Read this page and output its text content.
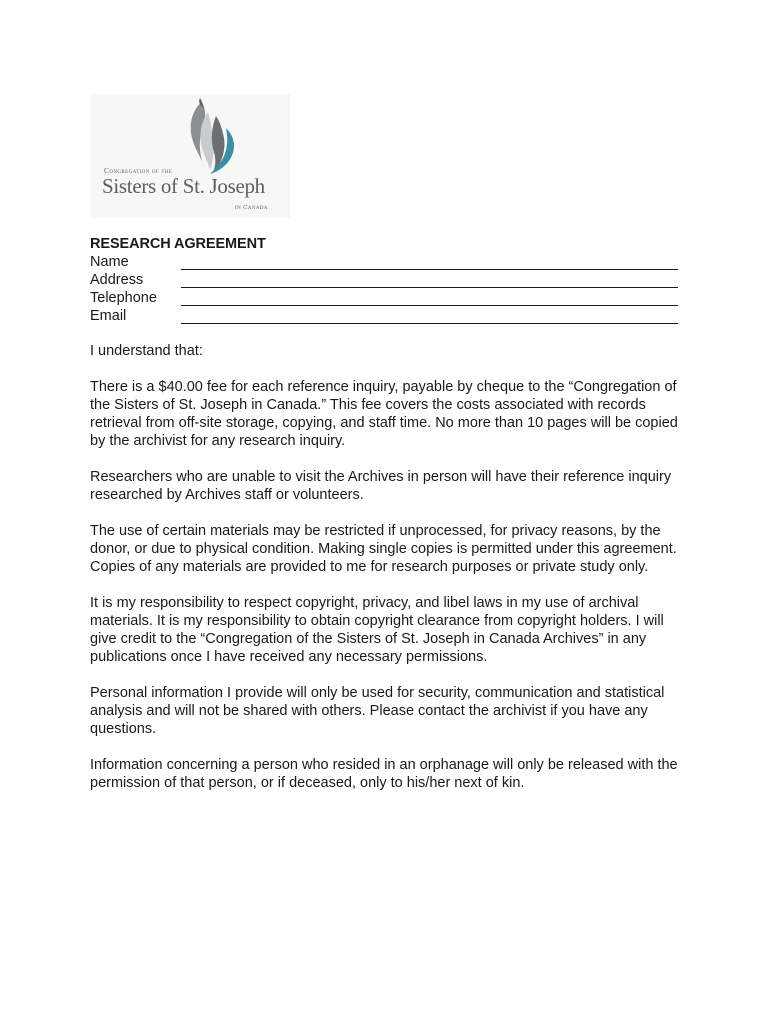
Congregation of the
Sisters of St. Joseph
in Canada
RESEARCH AGREEMENT
Name
Address
Telephone
Email

I understand that:

There is a $40.00 fee for each reference inquiry, payable by cheque to the “Congregation of the Sisters of St. Joseph in Canada.” This fee covers the costs associated with records retrieval from off-site storage, copying, and staff time. No more than 10 pages will be copied by the archivist for any research inquiry.

Researchers who are unable to visit the Archives in person will have their reference inquiry researched by Archives staff or volunteers.

The use of certain materials may be restricted if unprocessed, for privacy reasons, by the donor, or due to physical condition. Making single copies is permitted under this agreement. Copies of any materials are provided to me for research purposes or private study only.

It is my responsibility to respect copyright, privacy, and libel laws in my use of archival materials. It is my responsibility to obtain copyright clearance from copyright holders. I will give credit to the “Congregation of the Sisters of St. Joseph in Canada Archives” in any publications once I have received any necessary permissions.

Personal information I provide will only be used for security, communication and statistical analysis and will not be shared with others. Please contact the archivist if you have any questions.

Information concerning a person who resided in an orphanage will only be released with the permission of that person, or if deceased, only to his/her next of kin.
